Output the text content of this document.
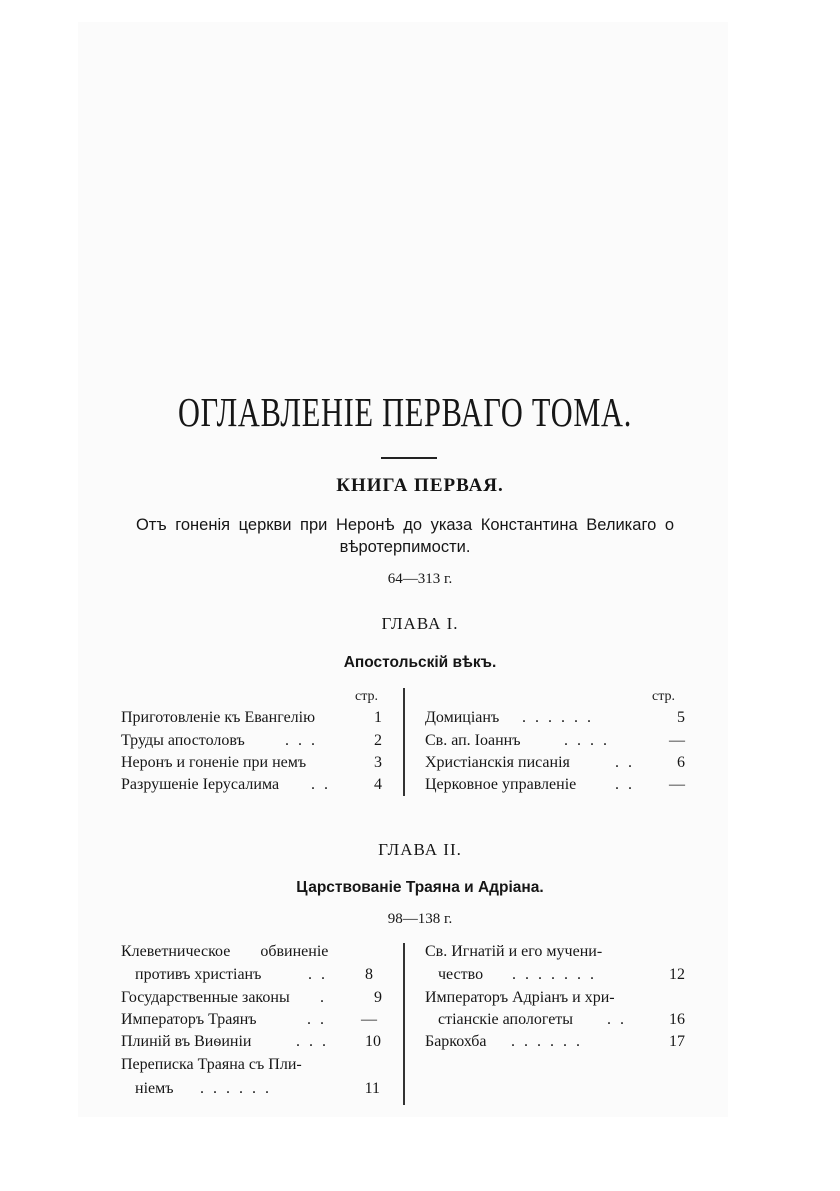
ОГЛАВЛЕНIЕ ПЕРВАГО ТОМА.
КНИГА ПЕРВАЯ.
Отъ гоненія церкви при Неронѣ до указа Константина Великаго о вѣротерпимости.
64—313 г.
ГЛАВА I.
Апостольскій вѣкъ.
стр.	стр.
Приготовленіе къ Евангелію	1
Труды апостоловъ	...	2
Неронъ и гоненіе при немъ	3
Разрушеніе Іерусалима ..	4
Домиціанъ ......	5
Св. ап. Іоаннъ	....	—
Христіанскія писанія	..	6
Церковное управленіе ..	—
ГЛАВА II.
Царствованіе Траяна и Адріана.
98—138 г.
Клеветническое обвиненіе
противъ христіанъ	..	8
Государственные законы .	9
Императоръ Траянъ	..	—
Плиній въ Виѳиніи	...	10
Переписка Траяна съ Пли-
ніемъ ......	11
Св. Игнатій и его мучени-
чество .......	12
Императоръ Адріанъ и хри-
стіанскіе апологеты ..	16
Баркохба ......	17
